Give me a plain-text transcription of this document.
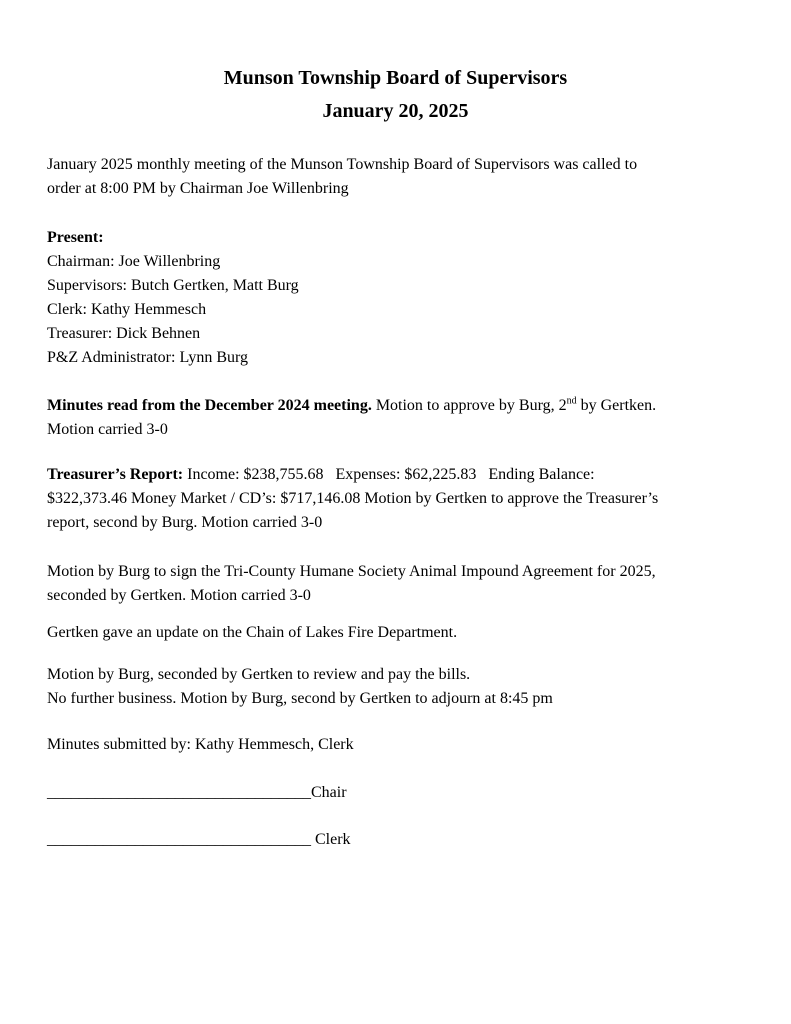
Munson Township Board of Supervisors
January 20, 2025

January 2025 monthly meeting of the Munson Township Board of Supervisors was called to
order at 8:00 PM by Chairman Joe Willenbring

Present:
Chairman: Joe Willenbring
Supervisors: Butch Gertken, Matt Burg
Clerk: Kathy Hemmesch
Treasurer: Dick Behnen
P&Z Administrator: Lynn Burg

Minutes read from the December 2024 meeting. Motion to approve by Burg, 2nd by Gertken.
Motion carried 3-0

Treasurer’s Report: Income: $238,755.68   Expenses: $62,225.83   Ending Balance:
$322,373.46 Money Market / CD’s: $717,146.08 Motion by Gertken to approve the Treasurer’s
report, second by Burg. Motion carried 3-0

Motion by Burg to sign the Tri-County Humane Society Animal Impound Agreement for 2025,
seconded by Gertken. Motion carried 3-0

Gertken gave an update on the Chain of Lakes Fire Department.

Motion by Burg, seconded by Gertken to review and pay the bills.
No further business. Motion by Burg, second by Gertken to adjourn at 8:45 pm

Minutes submitted by: Kathy Hemmesch, Clerk

_________________________________Chair

_________________________________ Clerk
